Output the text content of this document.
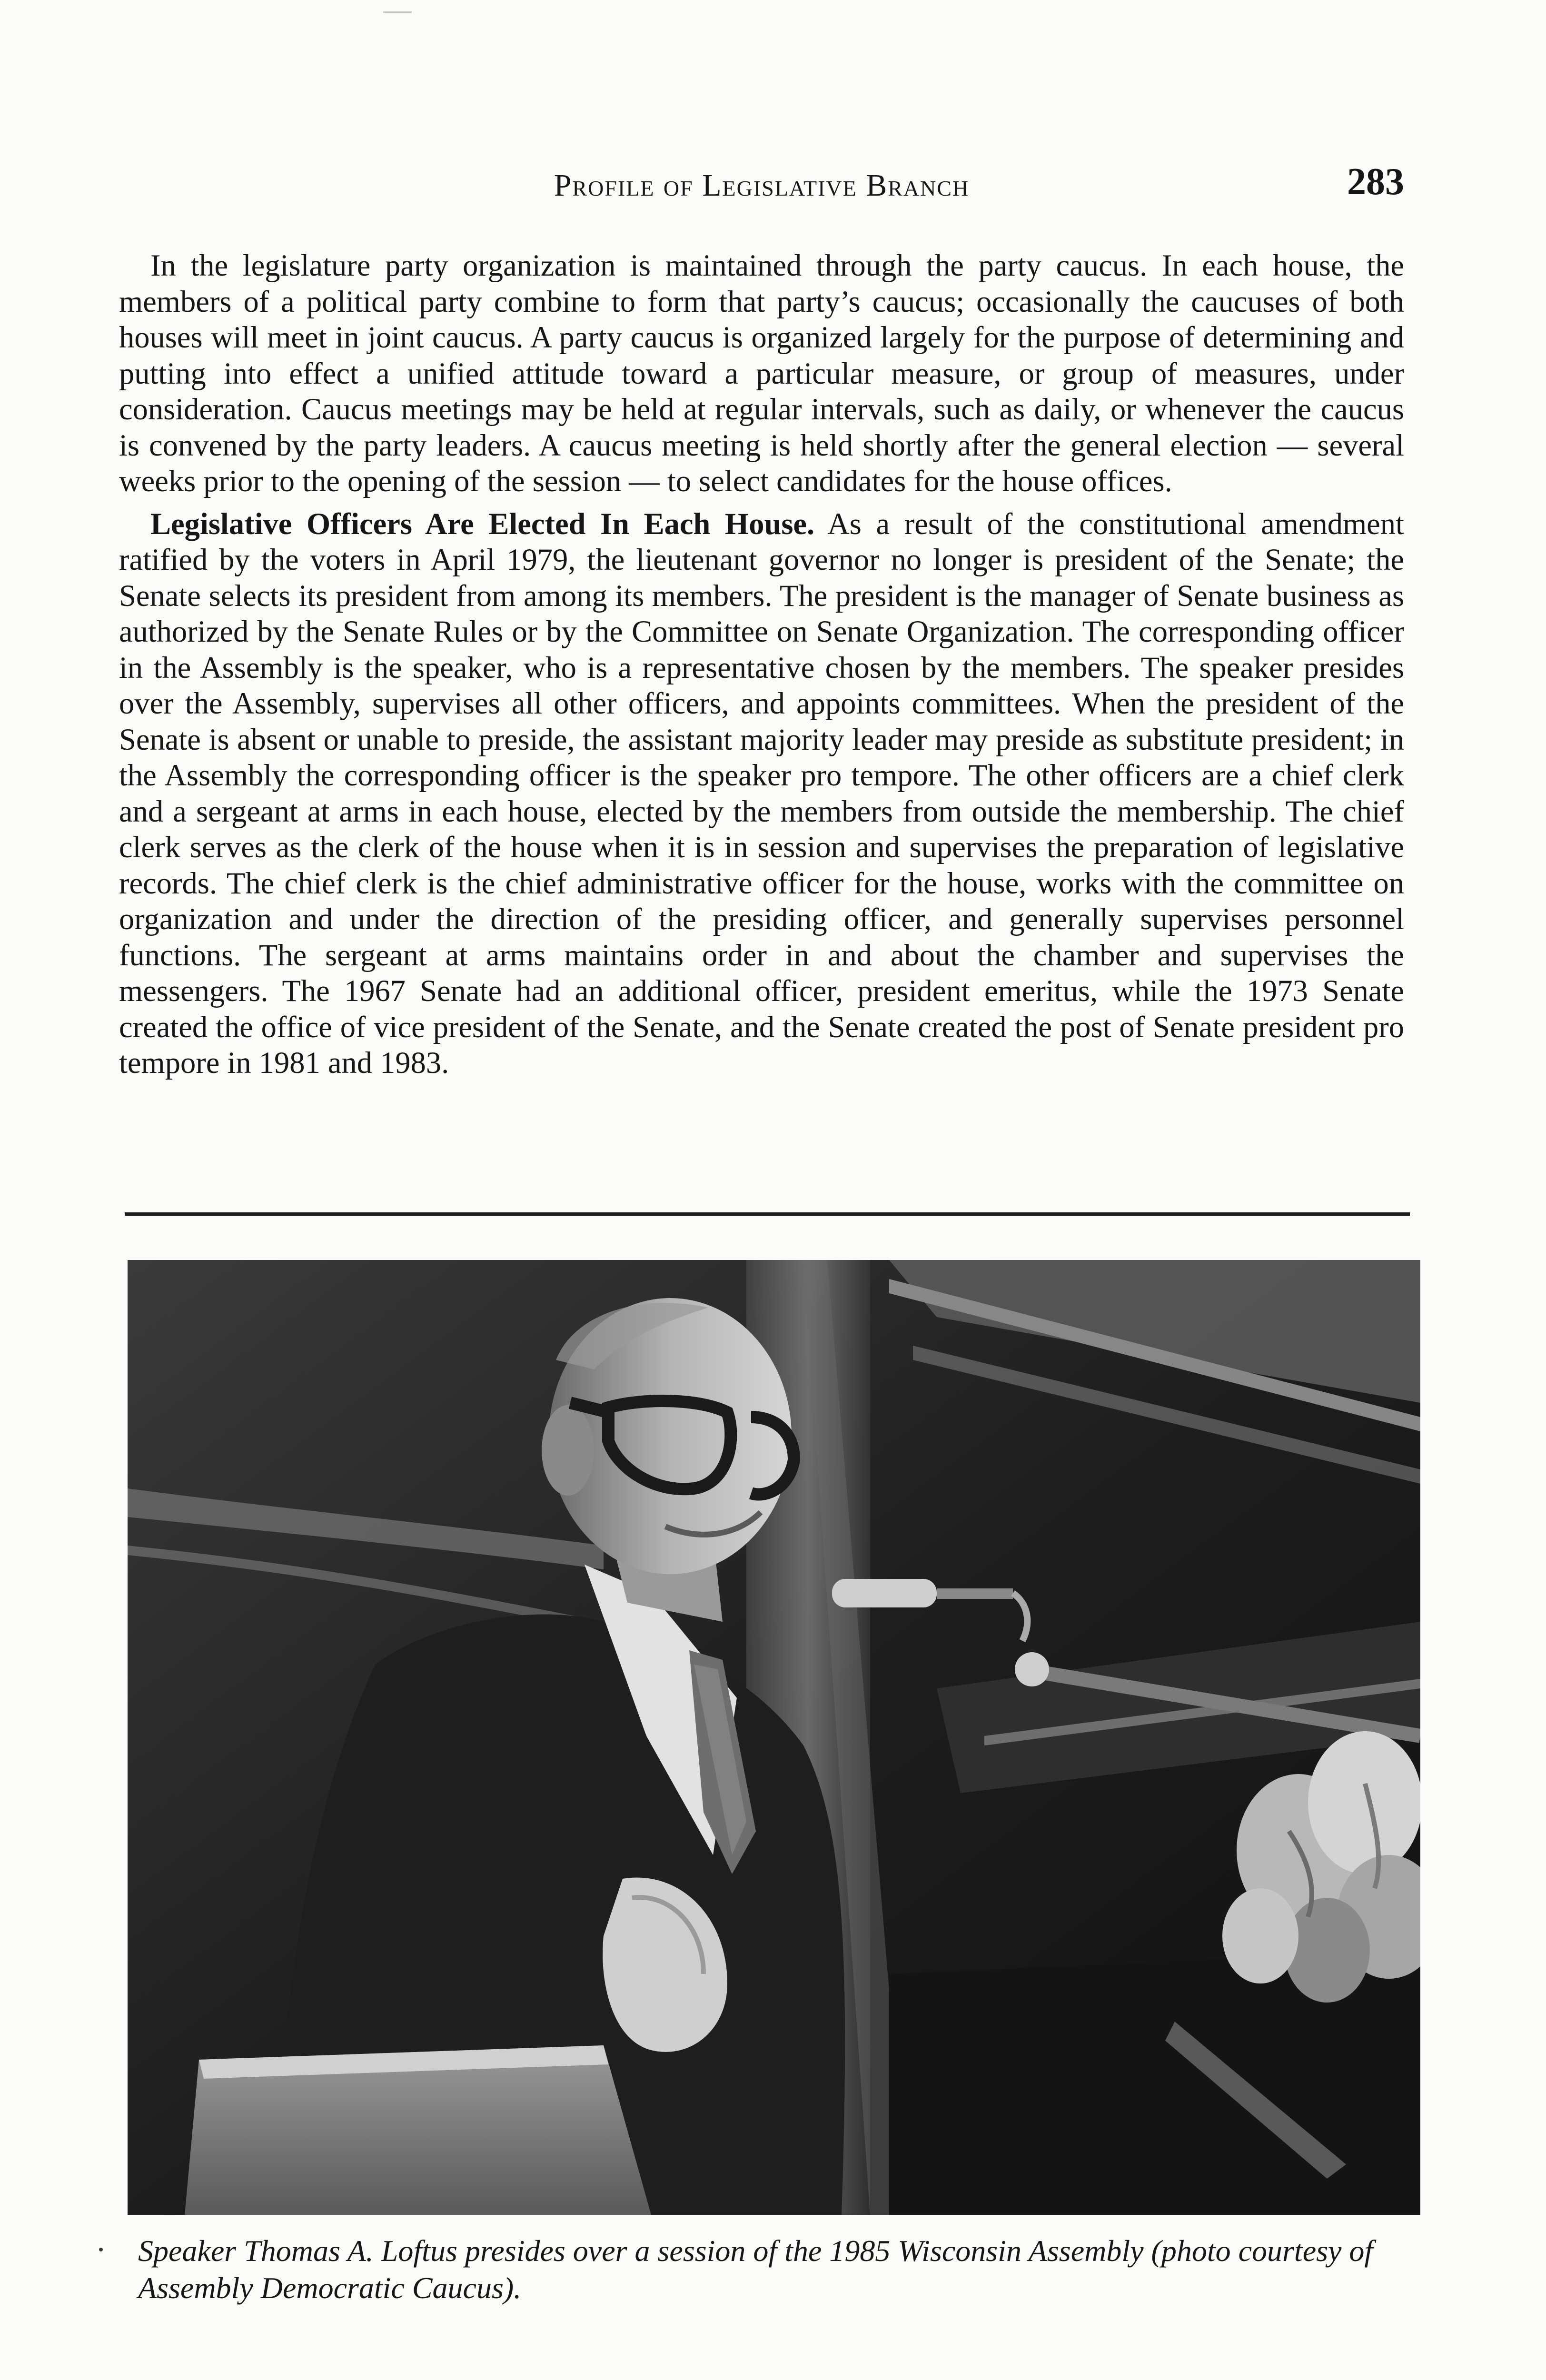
Profile of Legislative Branch	283

In the legislature party organization is maintained through the party caucus. In each house, the members of a political party combine to form that party’s caucus; occasionally the caucuses of both houses will meet in joint caucus. A party caucus is organized largely for the purpose of determining and putting into effect a unified attitude toward a particular measure, or group of measures, under consideration. Caucus meetings may be held at regular intervals, such as daily, or whenever the caucus is convened by the party leaders. A caucus meeting is held shortly after the general election — several weeks prior to the opening of the session — to select candidates for the house offices.

Legislative Officers Are Elected In Each House. As a result of the constitutional amendment ratified by the voters in April 1979, the lieutenant governor no longer is president of the Senate; the Senate selects its president from among its members. The president is the manager of Senate business as authorized by the Senate Rules or by the Committee on Senate Organization. The corresponding officer in the Assembly is the speaker, who is a representative chosen by the members. The speaker presides over the Assembly, supervises all other officers, and appoints committees. When the president of the Senate is absent or unable to preside, the assistant majority leader may preside as substitute president; in the Assembly the corresponding officer is the speaker pro tempore. The other officers are a chief clerk and a sergeant at arms in each house, elected by the members from outside the membership. The chief clerk serves as the clerk of the house when it is in session and supervises the preparation of legislative records. The chief clerk is the chief administrative officer for the house, works with the committee on organization and under the direction of the presiding officer, and generally supervises personnel functions. The sergeant at arms maintains order in and about the chamber and supervises the messengers. The 1967 Senate had an additional officer, president emeritus, while the 1973 Senate created the office of vice president of the Senate, and the Senate created the post of Senate president pro tempore in 1981 and 1983.

Speaker Thomas A. Loftus presides over a session of the 1985 Wisconsin Assembly (photo courtesy of Assembly Democratic Caucus).
